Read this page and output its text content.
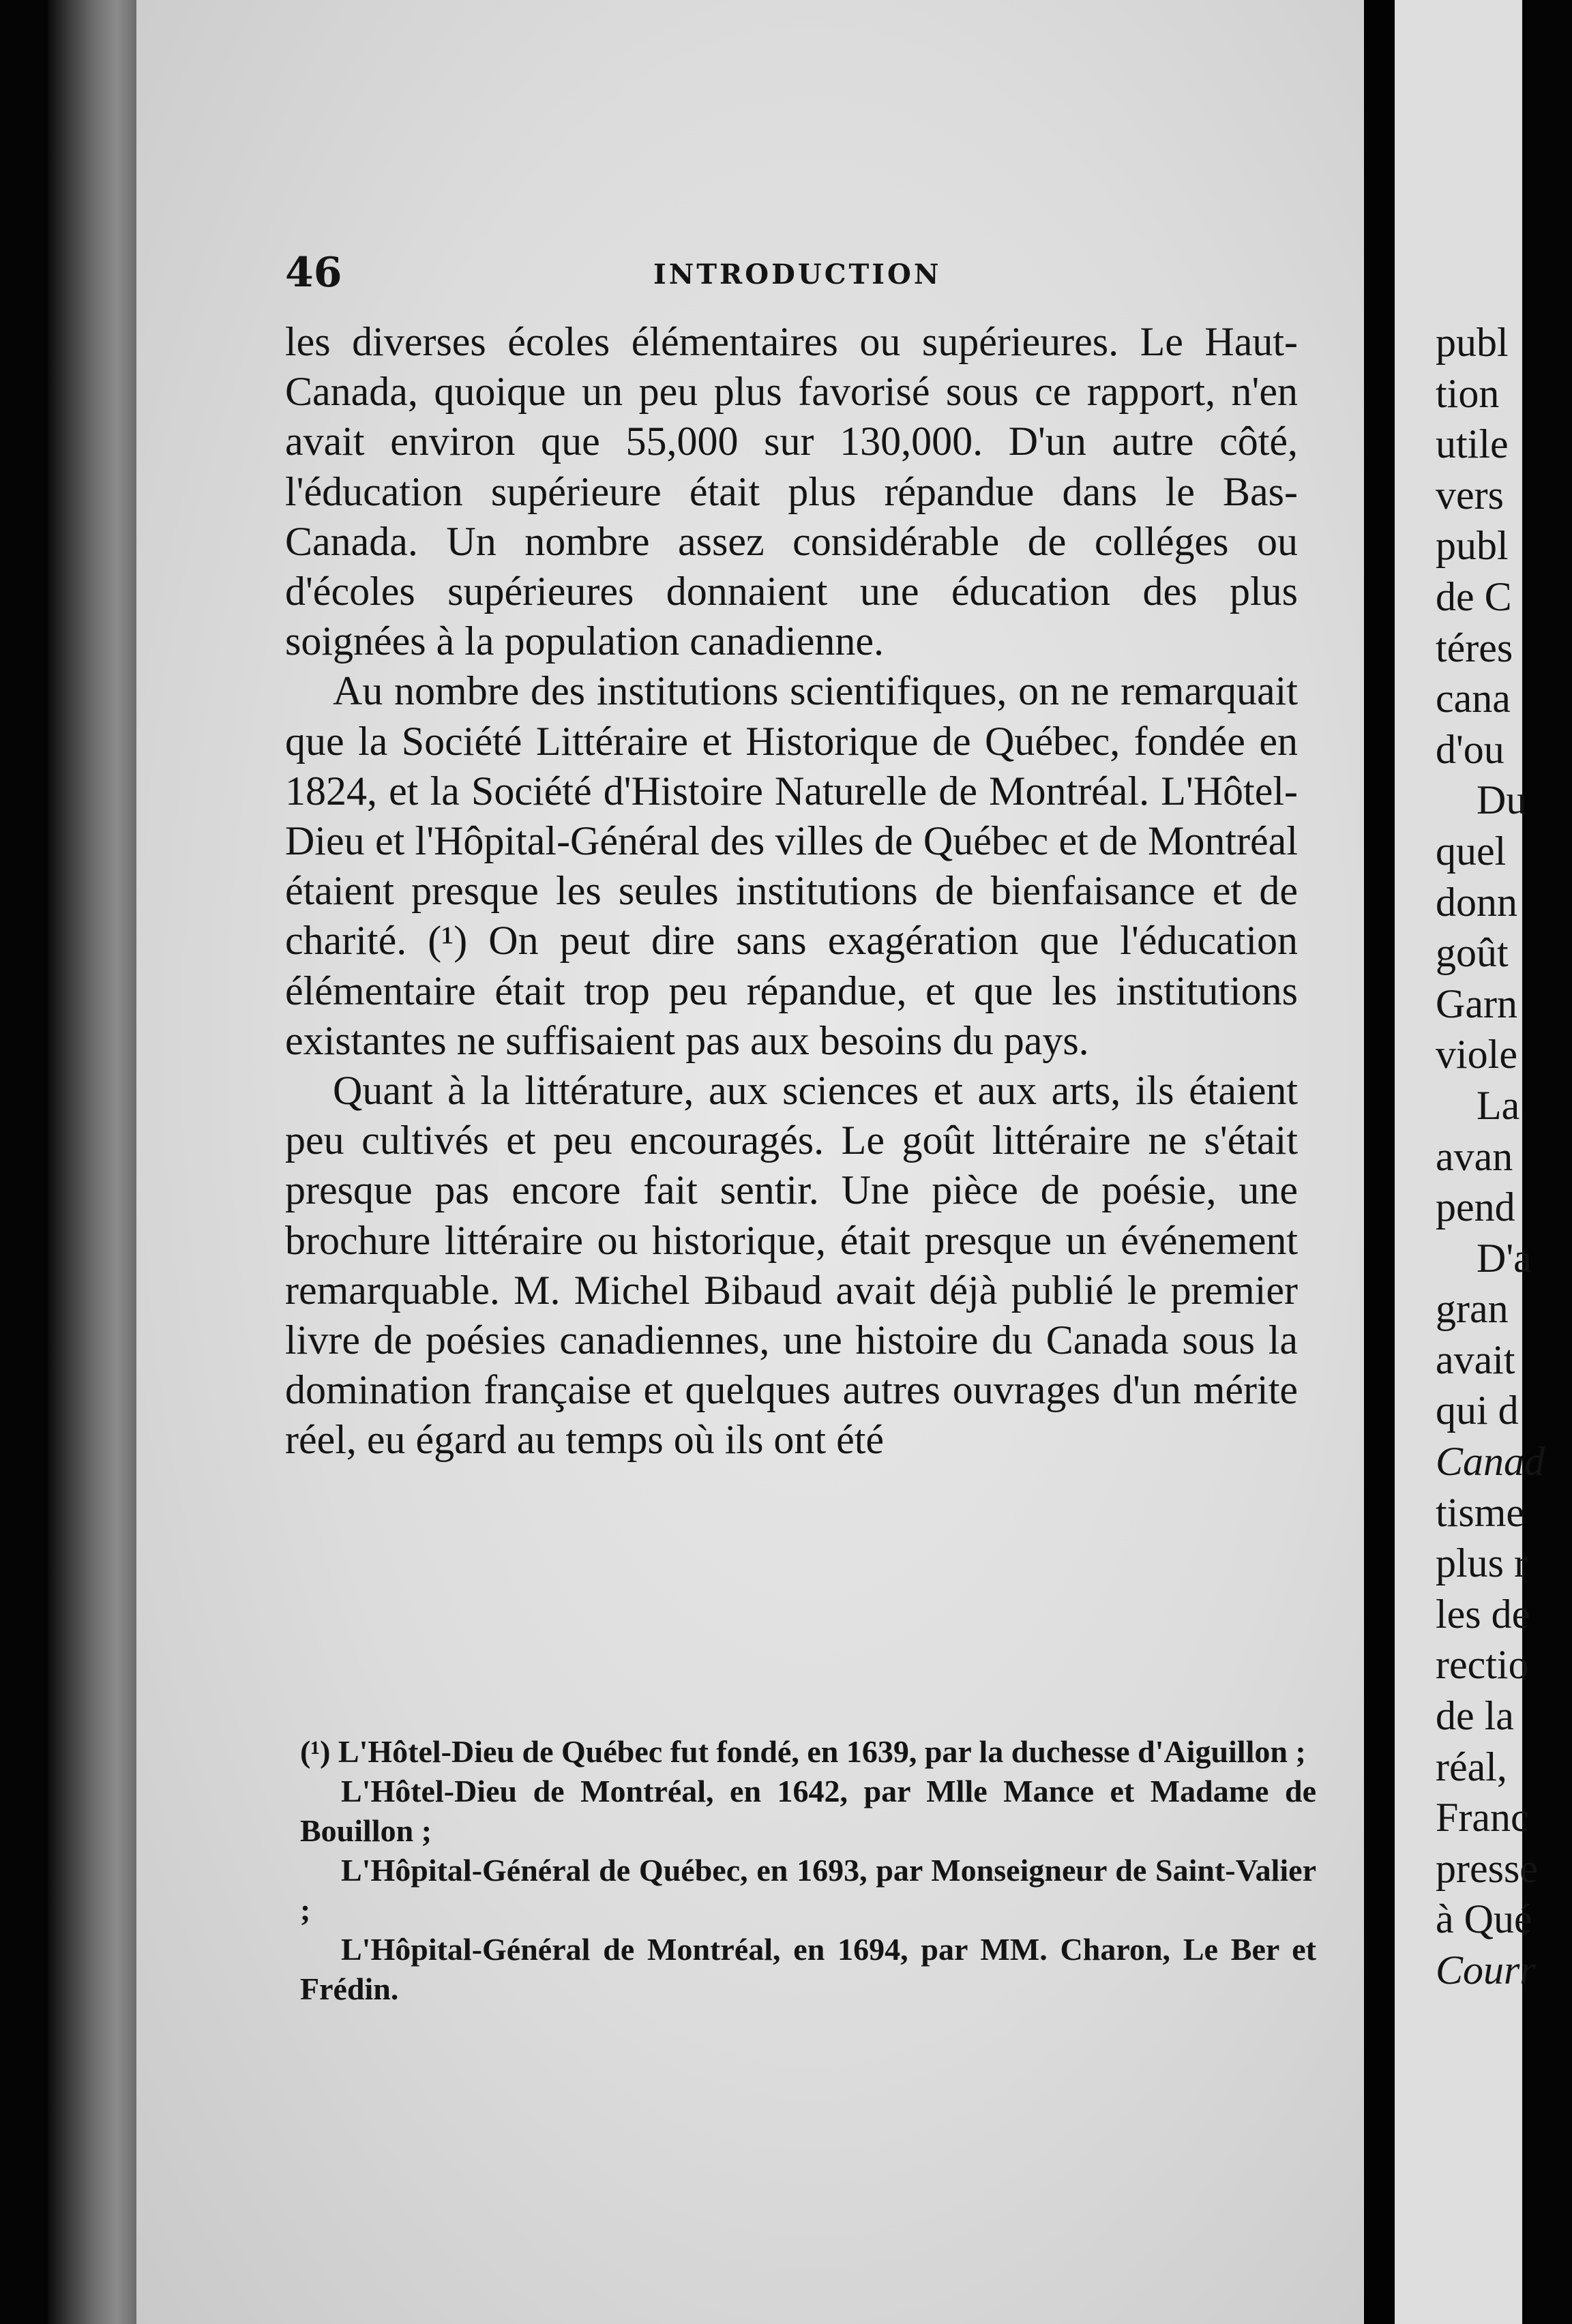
46	INTRODUCTION

les diverses écoles élémentaires ou supérieures. Le Haut-Canada, quoique un peu plus favorisé sous ce rapport, n'en avait environ que 55,000 sur 130,000. D'un autre côté, l'éducation supérieure était plus répandue dans le Bas-Canada. Un nombre assez considérable de colléges ou d'écoles supérieures donnaient une éducation des plus soignées à la population canadienne.

Au nombre des institutions scientifiques, on ne remarquait que la Société Littéraire et Historique de Québec, fondée en 1824, et la Société d'Histoire Naturelle de Montréal. L'Hôtel-Dieu et l'Hôpital-Général des villes de Québec et de Montréal étaient presque les seules institutions de bienfaisance et de charité. (¹) On peut dire sans exagération que l'éducation élémentaire était trop peu répandue, et que les institutions existantes ne suffisaient pas aux besoins du pays.

Quant à la littérature, aux sciences et aux arts, ils étaient peu cultivés et peu encouragés. Le goût littéraire ne s'était presque pas encore fait sentir. Une pièce de poésie, une brochure littéraire ou historique, était presque un événement remarquable. M. Michel Bibaud avait déjà publié le premier livre de poésies canadiennes, une histoire du Canada sous la domination française et quelques autres ouvrages d'un mérite réel, eu égard au temps où ils ont été

(¹) L'Hôtel-Dieu de Québec fut fondé, en 1639, par la duchesse d'Aiguillon ;

L'Hôtel-Dieu de Montréal, en 1642, par Mlle Mance et Madame de Bouillon ;

L'Hôpital-Général de Québec, en 1693, par Monseigneur de Saint-Valier ;

L'Hôpital-Général de Montréal, en 1694, par MM. Charon, Le Ber et Frédin.

publ
tion
utile
vers
publ
de C
téres
cana
d'ou
Du
quel
donn
goût
Garn
viole
La
avan
pend
D'a
gran
avait
qui d
Canad
tisme
plus r
les de
rectio
de la
réal,
Franc
presse
à Qué
Courr
